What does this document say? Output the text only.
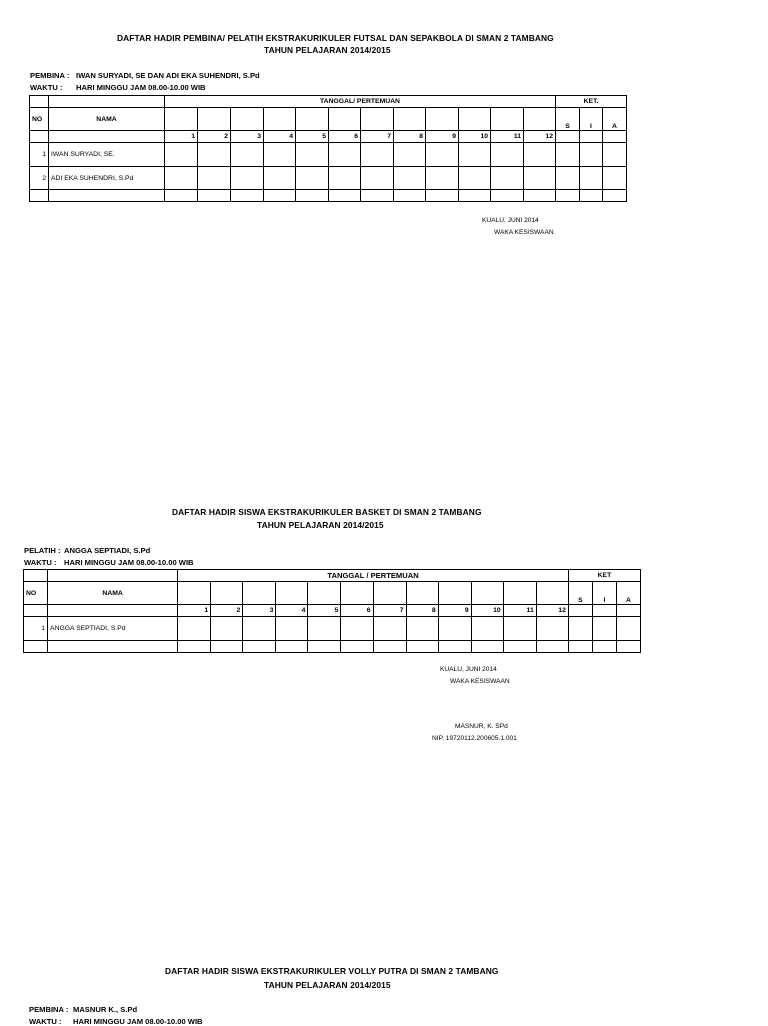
DAFTAR HADIR PEMBINA/ PELATIH EKSTRAKURIKULER FUTSAL DAN SEPAKBOLA DI SMAN 2 TAMBANG
TAHUN PELAJARAN 2014/2015
PEMBINA : IWAN SURYADI, SE DAN ADI EKA SUHENDRI, S.Pd
WAKTU : HARI MINGGU JAM 08.00-10.00 WIB
		TANGGAL/ PERTEMUAN												KET.		
NO	NAMA													S	I	A
		1	2	3	4	5	6	7	8	9	10	11	12			
1	IWAN SURYADI, SE.															
2	ADI EKA SUHENDRI, S.Pd															

KUALU, JUNI 2014
WAKA KESISWAAN
DAFTAR HADIR SISWA EKSTRAKURIKULER BASKET DI SMAN 2 TAMBANG
TAHUN PELAJARAN 2014/2015
PELATIH : ANGGA SEPTIADI, S.Pd
WAKTU : HARI MINGGU JAM 08.00-10.00 WIB
		TANGGAL / PERTEMUAN												KET		
NO	NAMA													S	I	A
		1	2	3	4	5	6	7	8	9	10	11	12			
1	ANGGA SEPTIADI, S.Pd															

KUALU, JUNI 2014
WAKA KESISWAAN
MASNUR, K. SPd
NIP. 19720112.200605.1.001
DAFTAR HADIR SISWA EKSTRAKURIKULER VOLLY PUTRA DI SMAN 2 TAMBANG
TAHUN PELAJARAN 2014/2015
PEMBINA : MASNUR K., S.Pd
WAKTU : HARI MINGGU JAM 08.00-10.00 WIB
